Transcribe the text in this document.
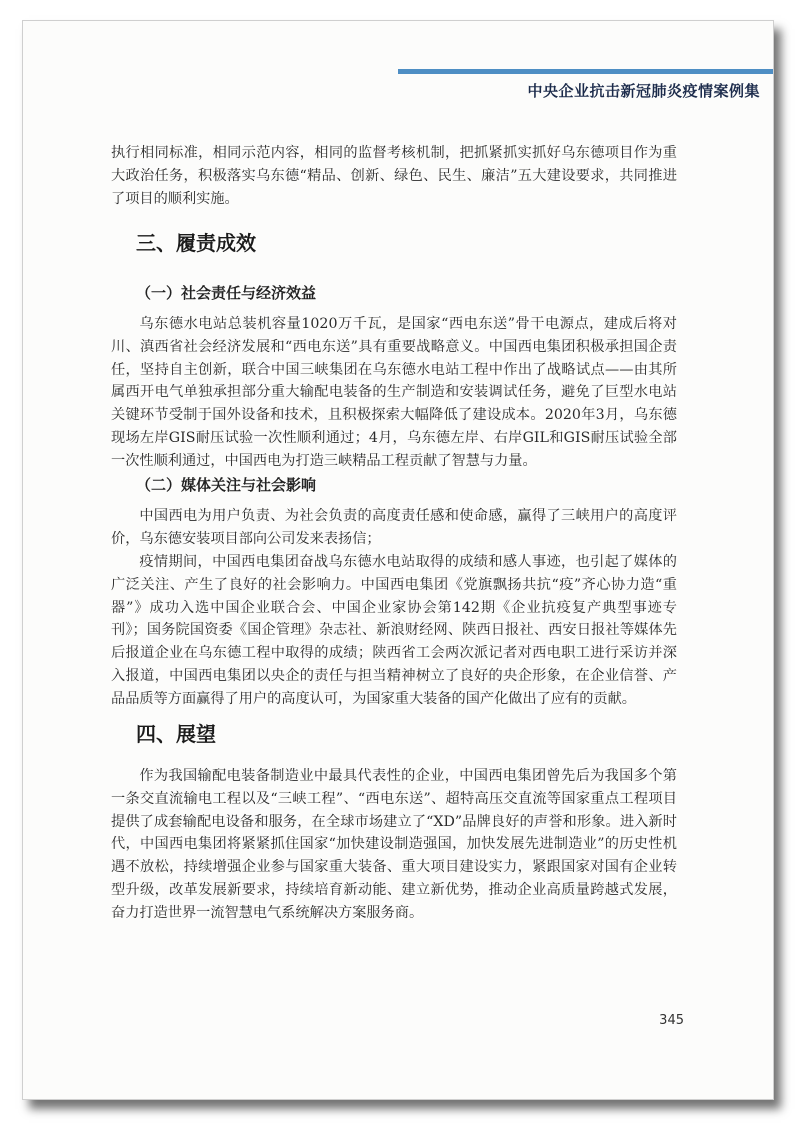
中央企业抗击新冠肺炎疫情案例集

执行相同标准，相同示范内容，相同的监督考核机制，把抓紧抓实抓好乌东德项目作为重大政治任务，积极落实乌东德“精品、创新、绿色、民生、廉洁”五大建设要求，共同推进了项目的顺利实施。

三、履责成效
（一）社会责任与经济效益

乌东德水电站总装机容量1020万千瓦，是国家“西电东送”骨干电源点，建成后将对川、滇西省社会经济发展和“西电东送”具有重要战略意义。中国西电集团积极承担国企责任，坚持自主创新，联合中国三峡集团在乌东德水电站工程中作出了战略试点——由其所属西开电气单独承担部分重大输配电装备的生产制造和安装调试任务，避免了巨型水电站关键环节受制于国外设备和技术，且积极探索大幅降低了建设成本。2020年3月，乌东德现场左岸GIS耐压试验一次性顺利通过；4月，乌东德左岸、右岸GIL和GIS耐压试验全部一次性顺利通过，中国西电为打造三峡精品工程贡献了智慧与力量。

（二）媒体关注与社会影响

中国西电为用户负责、为社会负责的高度责任感和使命感，赢得了三峡用户的高度评价，乌东德安装项目部向公司发来表扬信；

疫情期间，中国西电集团奋战乌东德水电站取得的成绩和感人事迹，也引起了媒体的广泛关注、产生了良好的社会影响力。中国西电集团《党旗飘扬共抗“疫”齐心协力造“重器”》成功入选中国企业联合会、中国企业家协会第142期《企业抗疫复产典型事迹专刊》；国务院国资委《国企管理》杂志社、新浪财经网、陕西日报社、西安日报社等媒体先后报道企业在乌东德工程中取得的成绩；陕西省工会两次派记者对西电职工进行采访并深入报道，中国西电集团以央企的责任与担当精神树立了良好的央企形象，在企业信誉、产品品质等方面赢得了用户的高度认可，为国家重大装备的国产化做出了应有的贡献。

四、展望

作为我国输配电装备制造业中最具代表性的企业，中国西电集团曾先后为我国多个第一条交直流输电工程以及“三峡工程”、“西电东送”、超特高压交直流等国家重点工程项目提供了成套输配电设备和服务，在全球市场建立了“XD”品牌良好的声誉和形象。进入新时代，中国西电集团将紧紧抓住国家“加快建设制造强国，加快发展先进制造业”的历史性机遇不放松，持续增强企业参与国家重大装备、重大项目建设实力，紧跟国家对国有企业转型升级，改革发展新要求，持续培育新动能、建立新优势，推动企业高质量跨越式发展，奋力打造世界一流智慧电气系统解决方案服务商。

345
